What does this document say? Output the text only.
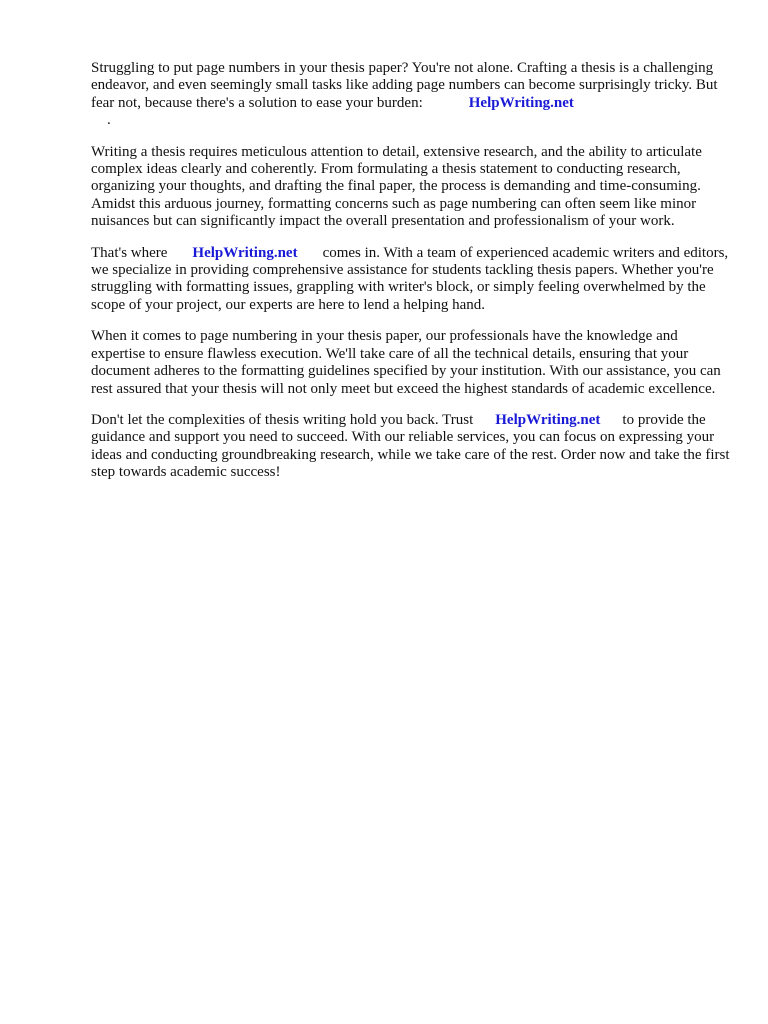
Struggling to put page numbers in your thesis paper? You're not alone. Crafting a thesis is a challenging endeavor, and even seemingly small tasks like adding page numbers can become surprisingly tricky. But fear not, because there's a solution to ease your burden:	HelpWriting.net
.

Writing a thesis requires meticulous attention to detail, extensive research, and the ability to articulate complex ideas clearly and coherently. From formulating a thesis statement to conducting research, organizing your thoughts, and drafting the final paper, the process is demanding and time-consuming. Amidst this arduous journey, formatting concerns such as page numbering can often seem like minor nuisances but can significantly impact the overall presentation and professionalism of your work.

That's where HelpWriting.net comes in. With a team of experienced academic writers and editors, we specialize in providing comprehensive assistance for students tackling thesis papers. Whether you're struggling with formatting issues, grappling with writer's block, or simply feeling overwhelmed by the scope of your project, our experts are here to lend a helping hand.

When it comes to page numbering in your thesis paper, our professionals have the knowledge and expertise to ensure flawless execution. We'll take care of all the technical details, ensuring that your document adheres to the formatting guidelines specified by your institution. With our assistance, you can rest assured that your thesis will not only meet but exceed the highest standards of academic excellence.

Don't let the complexities of thesis writing hold you back. Trust HelpWriting.net to provide the guidance and support you need to succeed. With our reliable services, you can focus on expressing your ideas and conducting groundbreaking research, while we take care of the rest. Order now and take the first step towards academic success!
